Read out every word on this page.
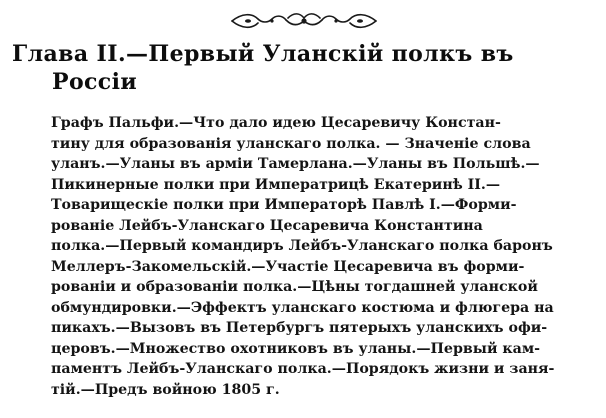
Глава II.—Первый Уланскій полкъ въ
Россіи
Графъ Пальфи.—Что дало идею Цесаревичу Констан-
тину для образованія уланскаго полка. — Значеніе слова
уланъ.—Уланы въ арміи Тамерлана.—Уланы въ Польшѣ.—
Пикинерные полки при Императрицѣ Екатеринѣ II.—
Товарищескіе полки при Императорѣ Павлѣ I.—Форми-
рованіе Лейбъ-Уланскаго Цесаревича Константина
полка.—Первый командиръ Лейбъ-Уланскаго полка баронъ
Меллеръ-Закомельскій.—Участіе Цесаревича въ форми-
рованіи и образованіи полка.—Цѣны тогдашней уланской
обмундировки.—Эффектъ уланскаго костюма и флюгера на
пикахъ.—Вызовъ въ Петербургъ пятерыхъ уланскихъ офи-
церовъ.—Множество охотниковъ въ уланы.—Первый кам-
паментъ Лейбъ-Уланскаго полка.—Порядокъ жизни и заня-
тій.—Предъ войною 1805 г.
